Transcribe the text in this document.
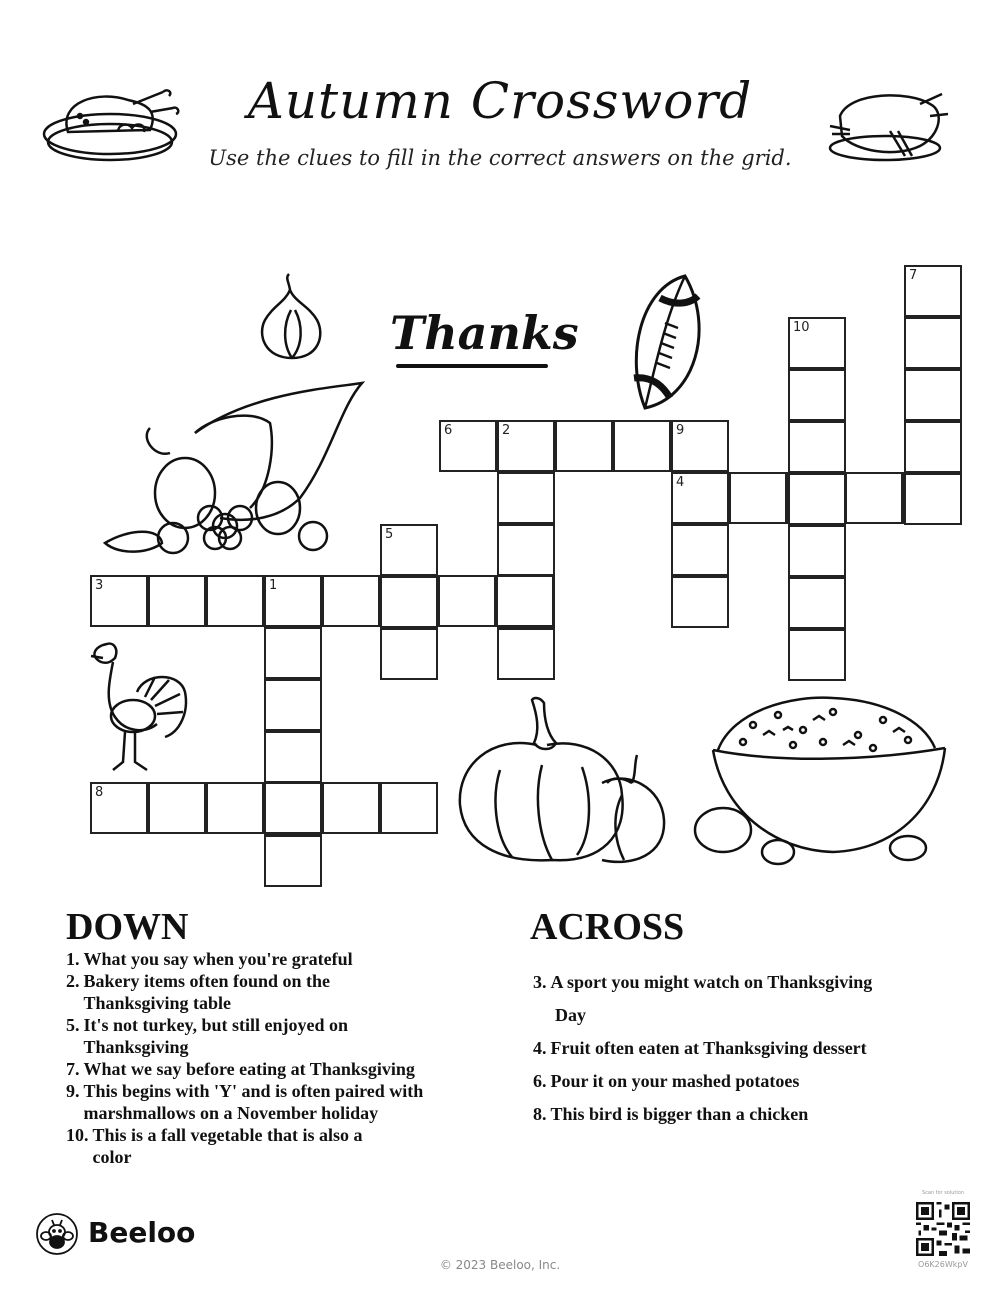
Autumn Crossword
Use the clues to fill in the correct answers on the grid.
Thanks
1
2
3
4
5
6	9
7
8
10
DOWN
1. What you say when you're grateful
2. Bakery items often found on the Thanksgiving table
5. It's not turkey, but still enjoyed on Thanksgiving
7. What we say before eating at Thanksgiving
9. This begins with 'Y' and is often paired with marshmallows on a November holiday
10. This is a fall vegetable that is also a color
ACROSS
3. A sport you might watch on Thanksgiving
Day
4. Fruit often eaten at Thanksgiving dessert
6. Pour it on your mashed potatoes
8. This bird is bigger than a chicken
Beeloo
© 2023 Beeloo, Inc.
Scan for solution
O6K26WkpV
